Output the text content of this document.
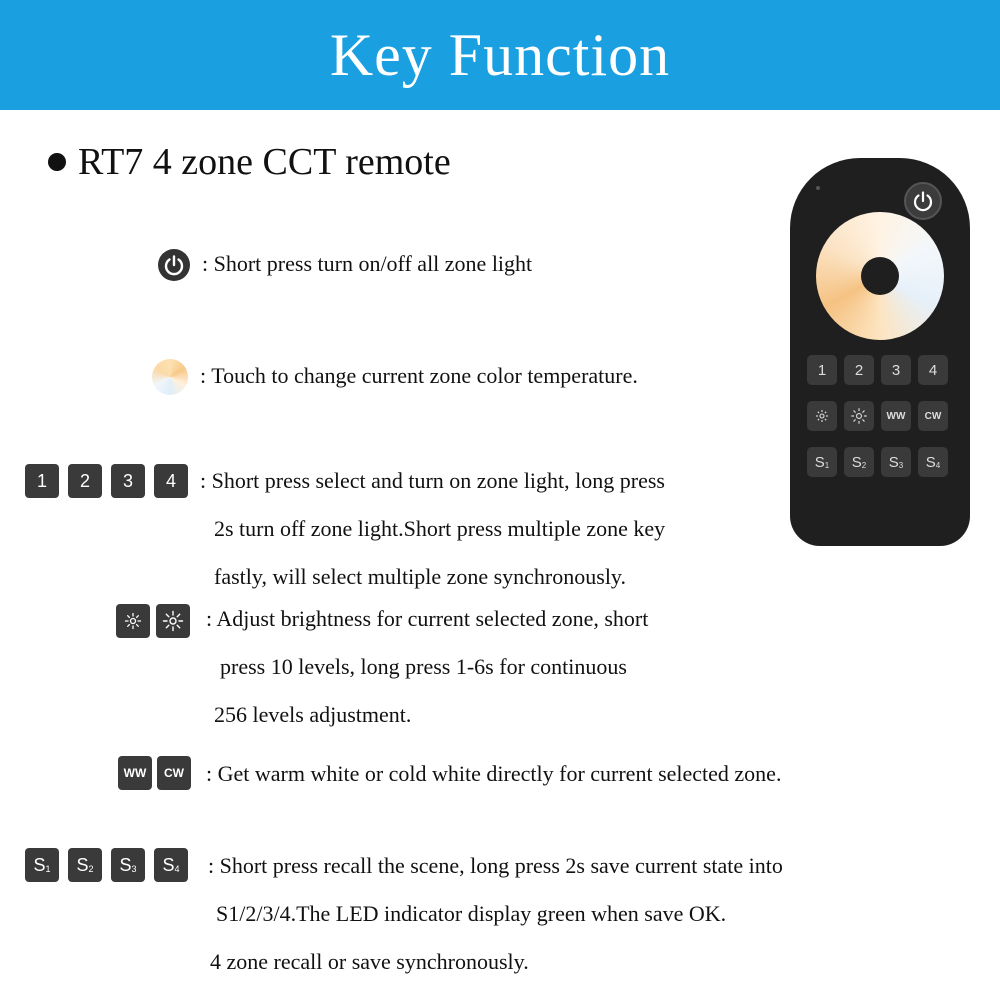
Key Function
RT7 4 zone CCT remote
: Short press turn on/off all zone light
: Touch to change current zone color temperature.
1	2	3	4	: Short press select and turn on zone light, long press
2s turn off zone light.Short press multiple zone key
fastly, will select multiple zone synchronously.
: Adjust brightness for current selected zone, short
press 10 levels, long press 1-6s for continuous
256 levels adjustment.
WW	CW	: Get warm white or cold white directly for current selected zone.
$S_1$ $S_2$ $S_3$ $S_4$ : Short press recall the scene, long press 2s save current state into
S1/2/3/4.The LED indicator display green when save OK.
4 zone recall or save synchronously.
1	2	3	4
WW	CW
$S_1$ $S_2$ $S_3$ $S_4$
